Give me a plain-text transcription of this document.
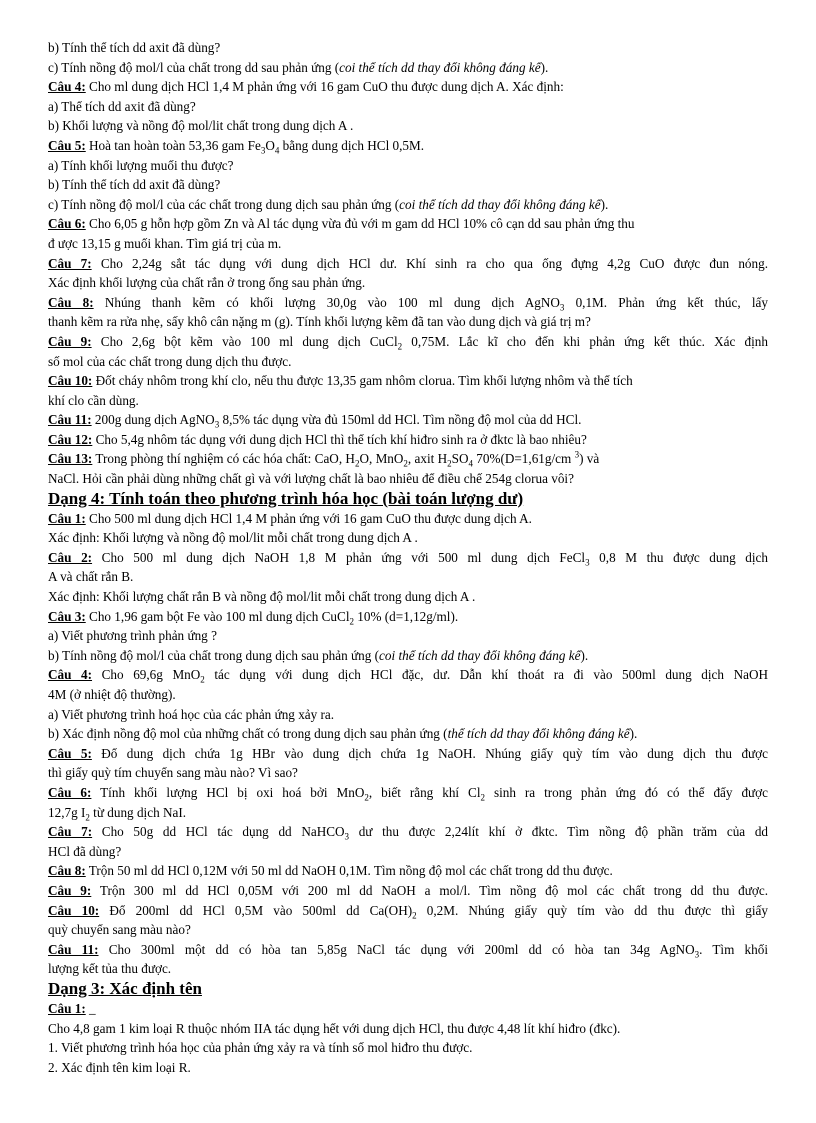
b) Tính thể tích dd axit đã dùng?
c) Tính nồng độ mol/l của chất trong dd sau phản ứng (coi thể tích dd thay đổi không đáng kể).
Câu 4: Cho ml dung dịch HCl 1,4 M phản ứng với 16 gam CuO thu được dung dịch A. Xác định:
a) Thể tích dd axit đã dùng?
b) Khối lượng và nồng độ mol/lit chất trong dung dịch A .
Câu 5: Hoà tan hoàn toàn 53,36 gam $Fe_3O_4$ bằng dung dịch HCl 0,5M.
a) Tính khối lượng muối thu được?
b) Tính thể tích dd axit đã dùng?
c) Tính nồng độ mol/l của các chất trong dung dịch sau phản ứng (coi thể tích dd thay đổi không đáng kể).
Câu 6: Cho 6,05 g hỗn hợp gồm Zn và Al tác dụng vừa đủ với m gam dd HCl 10% cô cạn dd sau phản ứng thu
đ ược 13,15 g muối khan. Tìm giá trị của m.
Câu 7: Cho 2,24g sắt tác dụng với dung dịch HCl dư. Khí sinh ra cho qua ống đựng 4,2g CuO được đun nóng.
Xác định khối lượng của chất rắn ở trong ống sau phản ứng.
Câu 8: Nhúng thanh kẽm có khối lượng 30,0g vào 100 ml dung dịch AgNO$_3$ 0,1M. Phản ứng kết thúc, lấy
thanh kẽm ra rửa nhẹ, sấy khô cân nặng m (g). Tính khối lượng kẽm đã tan vào dung dịch và giá trị m?
Câu 9: Cho 2,6g bột kẽm vào 100 ml dung dịch CuCl$_2$ 0,75M. Lắc kĩ cho đến khi phản ứng kết thúc. Xác định
số mol của các chất trong dung dịch thu được.
Câu 10: Đốt cháy nhôm trong khí clo, nếu thu được 13,35 gam nhôm clorua. Tìm khối lượng nhôm và thể tích
khí clo cần dùng.
Câu 11: 200g dung dịch AgNO$_3$ 8,5% tác dụng vừa đủ 150ml dd HCl. Tìm nồng độ mol của dd HCl.
Câu 12: Cho 5,4g nhôm tác dụng với dung dịch HCl thì thể tích khí hiđro sinh ra ở đktc là bao nhiêu?
Câu 13: Trong phòng thí nghiệm có các hóa chất: CaO, $H_2O$, MnO$_2$, axit $H_2SO_4$ 70%(D=1,61g/cm $^3$) và
NaCl. Hỏi cần phải dùng những chất gì và với lượng chất là bao nhiêu để điều chế 254g clorua vôi?
Dạng 4: Tính toán theo phương trình hóa học (bài toán lượng dư)
Câu 1: Cho 500 ml dung dịch HCl 1,4 M phản ứng với 16 gam CuO thu được dung dịch A.
Xác định: Khối lượng và nồng độ mol/lit mỗi chất trong dung dịch A .
Câu 2: Cho 500 ml dung dịch NaOH 1,8 M phản ứng với 500 ml dung dịch FeCl$_3$ 0,8 M thu được dung dịch
A và chất rắn B.
Xác định: Khối lượng chất rắn B và nồng độ mol/lit mỗi chất trong dung dịch A .
Câu 3: Cho 1,96 gam bột Fe vào 100 ml dung dịch CuCl$_2$ 10% (d=1,12g/ml).
a) Viết phương trình phản ứng ?
b) Tính nồng độ mol/l của chất trong dung dịch sau phản ứng (coi thể tích dd thay đổi không đáng kể).
Câu 4: Cho 69,6g MnO$_2$ tác dụng với dung dịch HCl đặc, dư. Dẫn khí thoát ra đi vào 500ml dung dịch NaOH
4M (ở nhiệt độ thường).
a) Viết phương trình hoá học của các phản ứng xảy ra.
b) Xác định nồng độ mol của những chất có trong dung dịch sau phản ứng (thể tích dd thay đổi không đáng kể).
Câu 5: Đổ dung dịch chứa 1g HBr vào dung dịch chứa 1g NaOH. Nhúng giấy quỳ tím vào dung dịch thu được
thì giấy quỳ tím chuyển sang màu nào? Vì sao?
Câu 6: Tính khối lượng HCl bị oxi hoá bởi MnO$_2$, biết rằng khí $Cl_2$ sinh ra trong phản ứng đó có thể đẩy được
12,7g $I_2$ từ dung dịch NaI.
Câu 7: Cho 50g dd HCl tác dụng dd NaHCO$_3$ dư thu được 2,24lít khí ở đktc. Tìm nồng độ phần trăm của dd
HCl đã dùng?
Câu 8: Trộn 50 ml dd HCl 0,12M với 50 ml dd NaOH 0,1M. Tìm nồng độ mol các chất trong dd thu được.
Câu 9: Trộn 300 ml dd HCl 0,05M với 200 ml dd NaOH a mol/l. Tìm nồng độ mol các chất trong dd thu được.
Câu 10: Đổ 200ml dd HCl 0,5M vào 500ml dd $Ca(OH)_2$ 0,2M. Nhúng giấy quỳ tím vào dd thu được thì giấy
quỳ chuyển sang màu nào?
Câu 11: Cho 300ml một dd có hòa tan 5,85g NaCl tác dụng với 200ml dd có hòa tan 34g AgNO$_3$. Tìm khối
lượng kết tủa thu được.
Dạng 3: Xác định tên
Câu 1: _
Cho 4,8 gam 1 kim loại R thuộc nhóm IIA tác dụng hết với dung dịch HCl, thu được 4,48 lít khí hiđro (đkc).
1. Viết phương trình hóa học của phản ứng xảy ra và tính số mol hiđro thu được.
2. Xác định tên kim loại R.
